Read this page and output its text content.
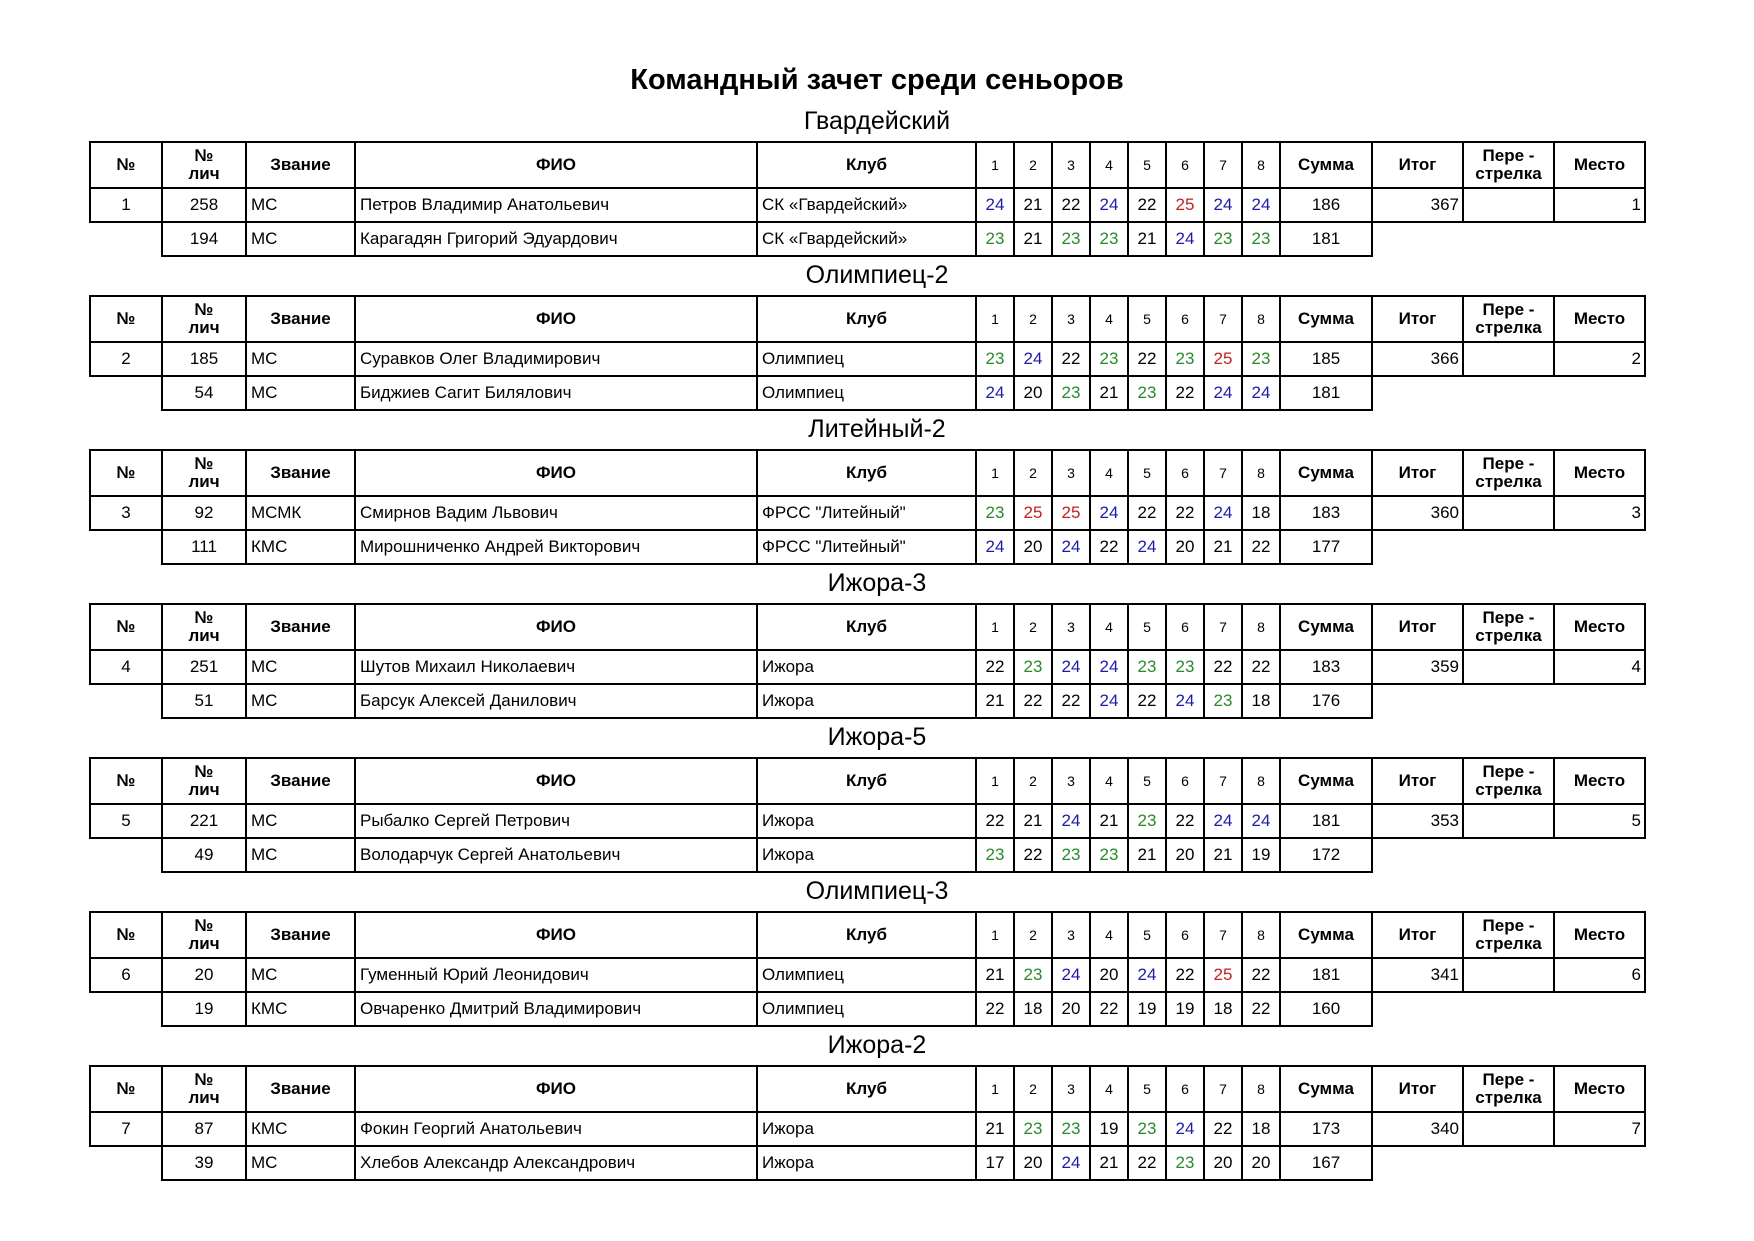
Командный зачет среди сеньоров
Гвардейский
№	№
лич	Звание	ФИО	Клуб	1	2	3	4	5	6	7	8	Сумма	Итог	Пере -
стрелка	Место
1	258	МС	Петров Владимир Анатольевич	СК «Гвардейский»	24	21	22	24	22	25	24	24	186	367		1
	194	МС	Карагадян Григорий Эдуардович	СК «Гвардейский»	23	21	23	23	21	24	23	23	181			
Олимпиец-2
№	№
лич	Звание	ФИО	Клуб	1	2	3	4	5	6	7	8	Сумма	Итог	Пере -
стрелка	Место
2	185	МС	Суравков Олег Владимирович	Олимпиец	23	24	22	23	22	23	25	23	185	366		2
	54	МС	Биджиев Сагит Билялович	Олимпиец	24	20	23	21	23	22	24	24	181			
Литейный-2
№	№
лич	Звание	ФИО	Клуб	1	2	3	4	5	6	7	8	Сумма	Итог	Пере -
стрелка	Место
3	92	МСМК	Смирнов Вадим Львович	ФРСС "Литейный"	23	25	25	24	22	22	24	18	183	360		3
	111	КМС	Мирошниченко Андрей Викторович	ФРСС "Литейный"	24	20	24	22	24	20	21	22	177			
Ижора-3
№	№
лич	Звание	ФИО	Клуб	1	2	3	4	5	6	7	8	Сумма	Итог	Пере -
стрелка	Место
4	251	МС	Шутов Михаил Николаевич	Ижора	22	23	24	24	23	23	22	22	183	359		4
	51	МС	Барсук Алексей Данилович	Ижора	21	22	22	24	22	24	23	18	176			
Ижора-5
№	№
лич	Звание	ФИО	Клуб	1	2	3	4	5	6	7	8	Сумма	Итог	Пере -
стрелка	Место
5	221	МС	Рыбалко Сергей Петрович	Ижора	22	21	24	21	23	22	24	24	181	353		5
	49	МС	Володарчук Сергей Анатольевич	Ижора	23	22	23	23	21	20	21	19	172			
Олимпиец-3
№	№
лич	Звание	ФИО	Клуб	1	2	3	4	5	6	7	8	Сумма	Итог	Пере -
стрелка	Место
6	20	МС	Гуменный Юрий Леонидович	Олимпиец	21	23	24	20	24	22	25	22	181	341		6
	19	КМС	Овчаренко Дмитрий Владимирович	Олимпиец	22	18	20	22	19	19	18	22	160			
Ижора-2
№	№
лич	Звание	ФИО	Клуб	1	2	3	4	5	6	7	8	Сумма	Итог	Пере -
стрелка	Место
7	87	КМС	Фокин Георгий Анатольевич	Ижора	21	23	23	19	23	24	22	18	173	340		7
	39	МС	Хлебов Александр Александрович	Ижора	17	20	24	21	22	23	20	20	167			
